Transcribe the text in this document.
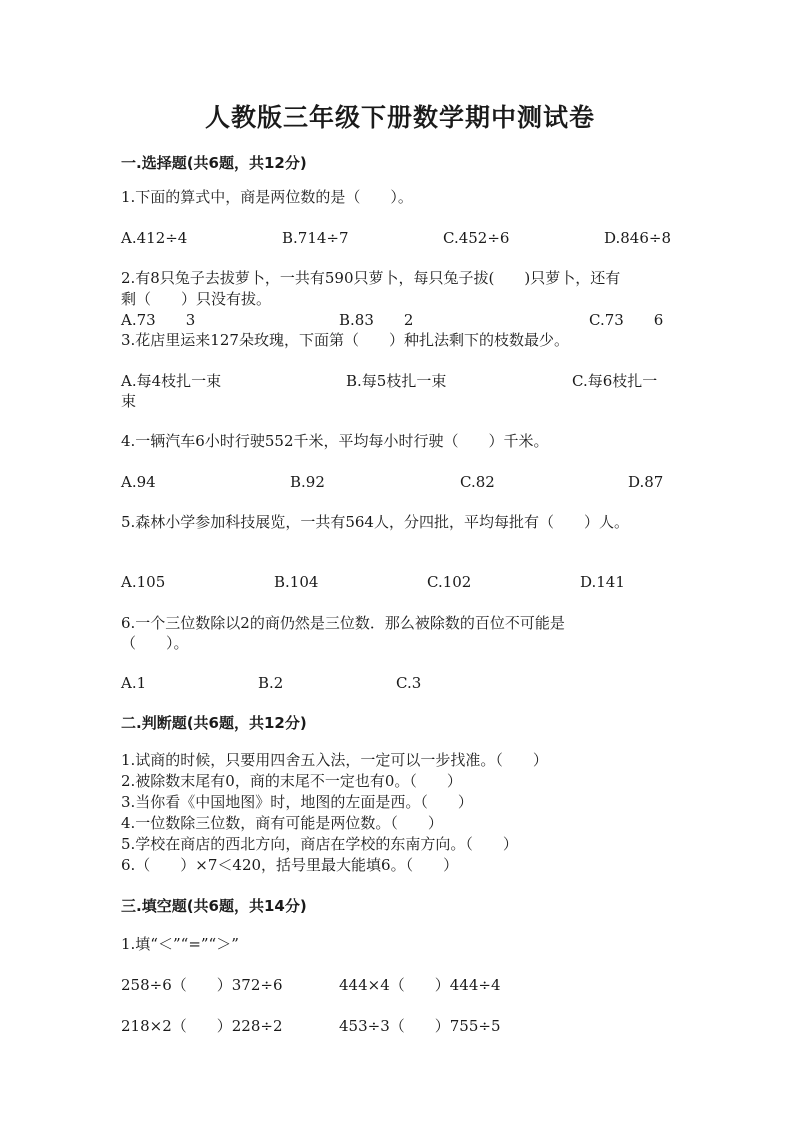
人教版三年级下册数学期中测试卷
一.选择题(共6题，共12分)
1.下面的算式中，商是两位数的是（　　）。
A.412÷4	B.714÷7	C.452÷6	D.846÷8
2.有8只兔子去拔萝卜，一共有590只萝卜，每只兔子拔(　　)只萝卜，还有
剩（　　）只没有拔。
A.73　　3	B.83　　2	C.73　　6
3.花店里运来127朵玫瑰，下面第（　　）种扎法剩下的枝数最少。
A.每4枝扎一束	B.每5枝扎一束	C.每6枝扎一
束
4.一辆汽车6小时行驶552千米，平均每小时行驶（　　）千米。
A.94	B.92	C.82	D.87
5.森林小学参加科技展览，一共有564人，分四批，平均每批有（　　）人。
A.105	B.104	C.102	D.141
6.一个三位数除以2的商仍然是三位数．那么被除数的百位不可能是
（　　）。
A.1	B.2	C.3
二.判断题(共6题，共12分)
1.试商的时候，只要用四舍五入法，一定可以一步找准。（　　）
2.被除数末尾有0，商的末尾不一定也有0。（　　）
3.当你看《中国地图》时，地图的左面是西。（　　）
4.一位数除三位数，商有可能是两位数。（　　）
5.学校在商店的西北方向，商店在学校的东南方向。（　　）
6.（　　）×7＜420，括号里最大能填6。（　　）
三.填空题(共6题，共14分)
1.填“＜”“=”“＞”
258÷6（　　）372÷6	444×4（　　）444÷4
218×2（　　）228÷2	453÷3（　　）755÷5
